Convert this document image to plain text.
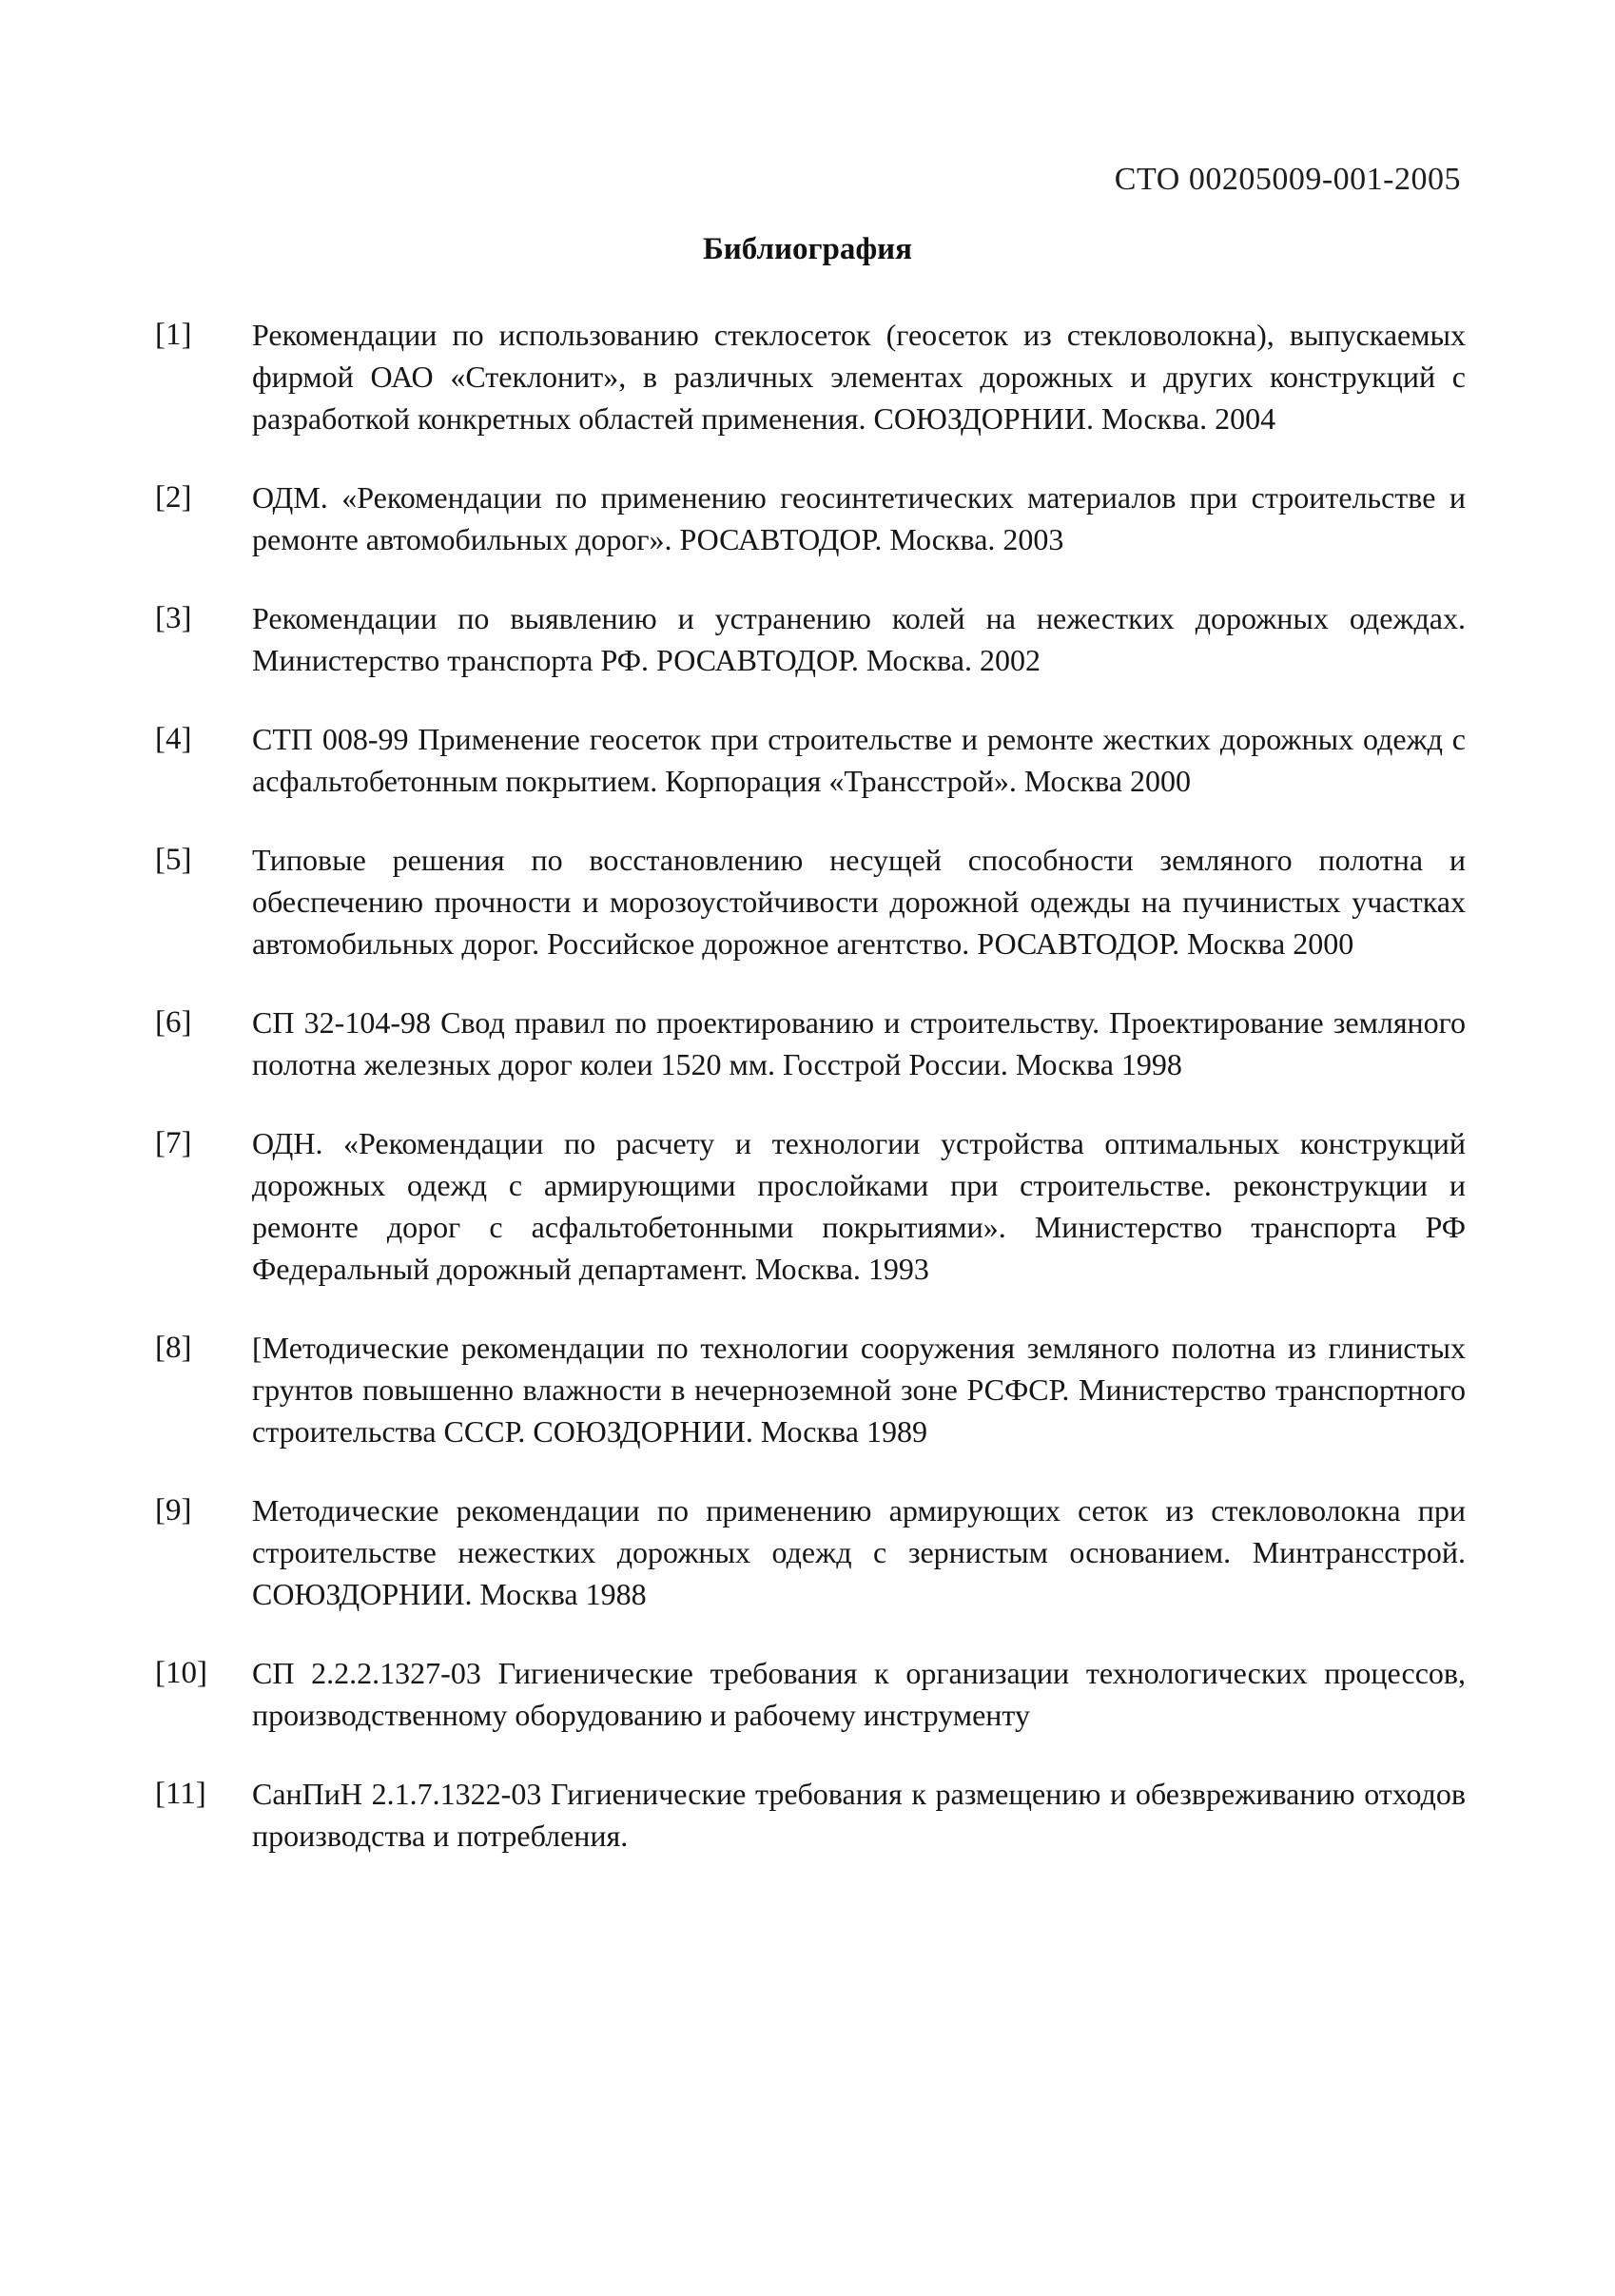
СТО 00205009-001-2005
Библиография
[1]	Рекомендации по использованию стеклосеток (геосеток из стекловолокна), выпускаемых фирмой ОАО «Стеклонит», в различных элементах дорожных и других конструкций с разработкой конкретных областей применения. СОЮЗДОРНИИ. Москва. 2004
[2]	ОДМ. «Рекомендации по применению геосинтетических материалов при строительстве и ремонте автомобильных дорог». РОСАВТОДОР. Москва. 2003
[3]	Рекомендации по выявлению и устранению колей на нежестких дорожных одеждах. Министерство транспорта РФ. РОСАВТОДОР. Москва. 2002
[4]	СТП 008-99 Применение геосеток при строительстве и ремонте жестких дорожных одежд с асфальтобетонным покрытием. Корпорация «Трансстрой». Москва 2000
[5]	Типовые решения по восстановлению несущей способности земляного полотна и обеспечению прочности и морозоустойчивости дорожной одежды на пучинистых участках автомобильных дорог. Российское дорожное агентство. РОСАВТОДОР. Москва 2000
[6]	СП 32-104-98 Свод правил по проектированию и строительству. Проектирование земляного полотна железных дорог колеи 1520 мм. Госстрой России. Москва 1998
[7]	ОДН. «Рекомендации по расчету и технологии устройства оптимальных конструкций дорожных одежд с армирующими прослойками при строительстве. реконструкции и ремонте дорог с асфальтобетонными покрытиями». Министерство транспорта РФ Федеральный дорожный департамент. Москва. 1993
[8]	[Методические рекомендации по технологии сооружения земляного полотна из глинистых грунтов повышенно влажности в нечерноземной зоне РСФСР. Министерство транспортного строительства СССР. СОЮЗДОРНИИ. Москва 1989
[9]	Методические рекомендации по применению армирующих сеток из стекловолокна при строительстве нежестких дорожных одежд с зернистым основанием. Минтрансстрой. СОЮЗДОРНИИ. Москва 1988
[10]	СП 2.2.2.1327-03 Гигиенические требования к организации технологических процессов, производственному оборудованию и рабочему инструменту
[11]	СанПиН 2.1.7.1322-03 Гигиенические требования к размещению и обезвреживанию отходов производства и потребления.
